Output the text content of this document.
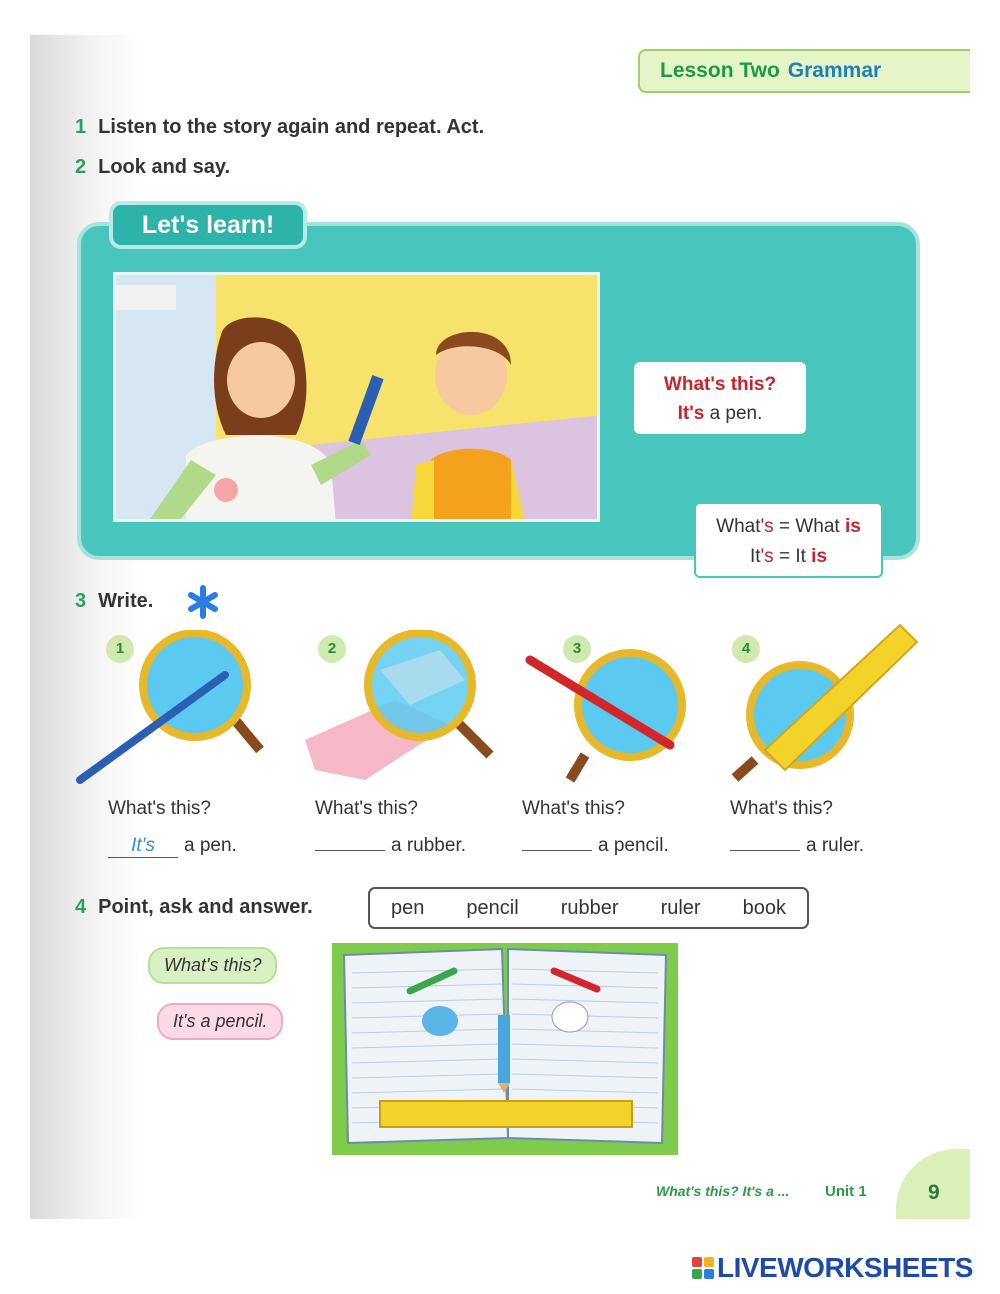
Lesson Two Grammar
1 Listen to the story again and repeat. Act.
2 Look and say.
Let's learn!
What's this?
It's a pen.
What's = What is
It's = It is
3 Write.
1
What's this?
It's a pen.
2
What's this?
a rubber.
3
What's this?
a pencil.
4
What's this?
a ruler.
4 Point, ask and answer.	pen pencil rubber ruler book
What's this?
It's a pencil.
What's this? It's a ... Unit 1	9
LIVEWORKSHEETS
